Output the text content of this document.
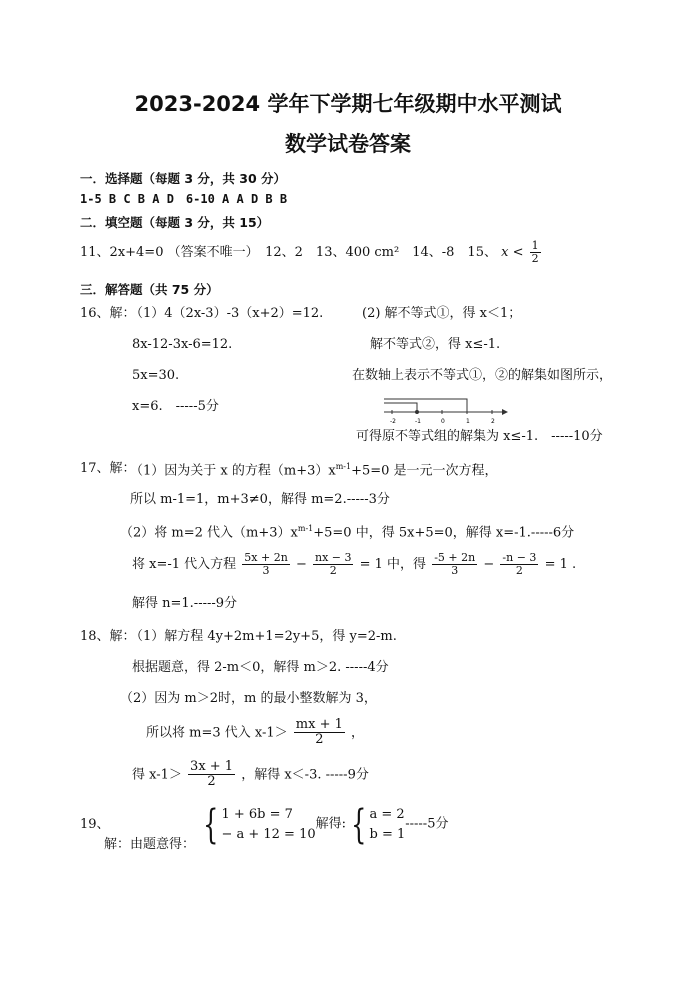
2023-2024 学年下学期七年级期中水平测试
数学试卷答案
一．选择题（每题 3 分，共 30 分）
1-5 B C B A D　6-10 A A D B B
二．填空题（每题 3 分，共 15）
11、2x+4=0 （答案不唯一）　12、2　13、400 cm²　14、-8　15、 $x < \frac{1}{2}$
三．解答题（共 75 分）
16、解：
（1）4（2x-3）-3（x+2）=12.
8x-12-3x-6=12.
5x=30.
x=6.　-----5分
(2) 解不等式①，得 x＜1；
解不等式②，得 x≤-1.
在数轴上表示不等式①，②的解集如图所示，
-2	-1	0	1	2
可得原不等式组的解集为 x≤-1.　-----10分
17、解：
（1）因为关于 x 的方程$(m+3)x^{m-1}+5=0$ 是一元一次方程，
所以 m-1=1，m+3≠0，解得 m=2.-----3分
（2）将 m=2 代入$(m+3)x^{m-1}+5=0$ 中，得 5x+5=0，解得 x=-1.-----6分
将 x=-1 代入方程 $\frac{5x + 2n}{3} - \frac{nx - 3}{2} = 1$ 中，得 $\frac{-5 + 2n}{3} - \frac{-n - 3}{2} = 1$ .
解得 n=1.-----9分
18、解：
（1）解方程 4y+2m+1=2y+5，得 y=2-m.
根据题意，得 2-m＜0，解得 m＞2. -----4分
（2）因为 m＞2时，m 的最小整数解为 3，
所以将 m=3 代入 $x-1> \frac{mx + 1}{2}$ ，
得 $x-1> \frac{3x + 1}{2}$ ，解得 x＜-3. -----9分
19、
解：由题意得： { 1 + 6b = 7
− a + 12 = 10
解得: { a = 2
b = 1
-----5分
